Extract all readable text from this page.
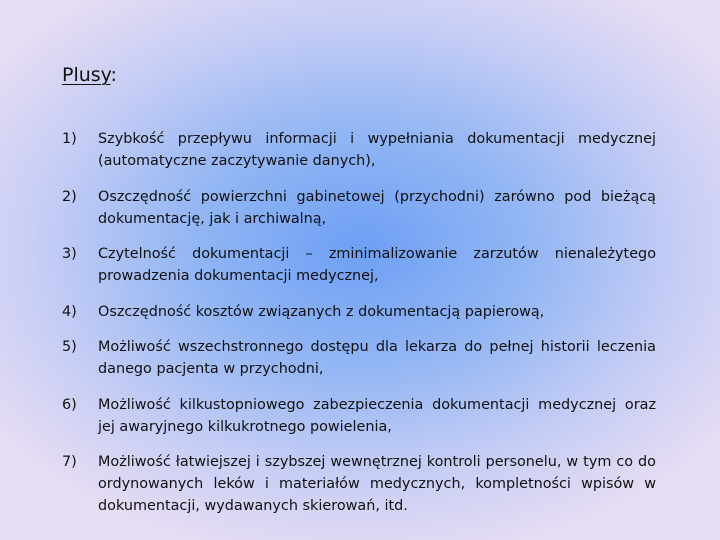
Plusy:
1)	Szybkość przepływu informacji i wypełniania dokumentacji medycznej (automatyczne zaczytywanie danych),
2)	Oszczędność powierzchni gabinetowej (przychodni) zarówno pod bieżącą dokumentację, jak i archiwalną,
3)	Czytelność dokumentacji – zminimalizowanie zarzutów nienależytego prowadzenia dokumentacji medycznej,
4)	Oszczędność kosztów związanych z dokumentacją papierową,
5)	Możliwość wszechstronnego dostępu dla lekarza do pełnej historii leczenia danego pacjenta w przychodni,
6)	Możliwość kilkustopniowego zabezpieczenia dokumentacji medycznej oraz jej awaryjnego kilkukrotnego powielenia,
7)	Możliwość łatwiejszej i szybszej wewnętrznej kontroli personelu, w tym co do ordynowanych leków i materiałów medycznych, kompletności wpisów w dokumentacji, wydawanych skierowań, itd.
